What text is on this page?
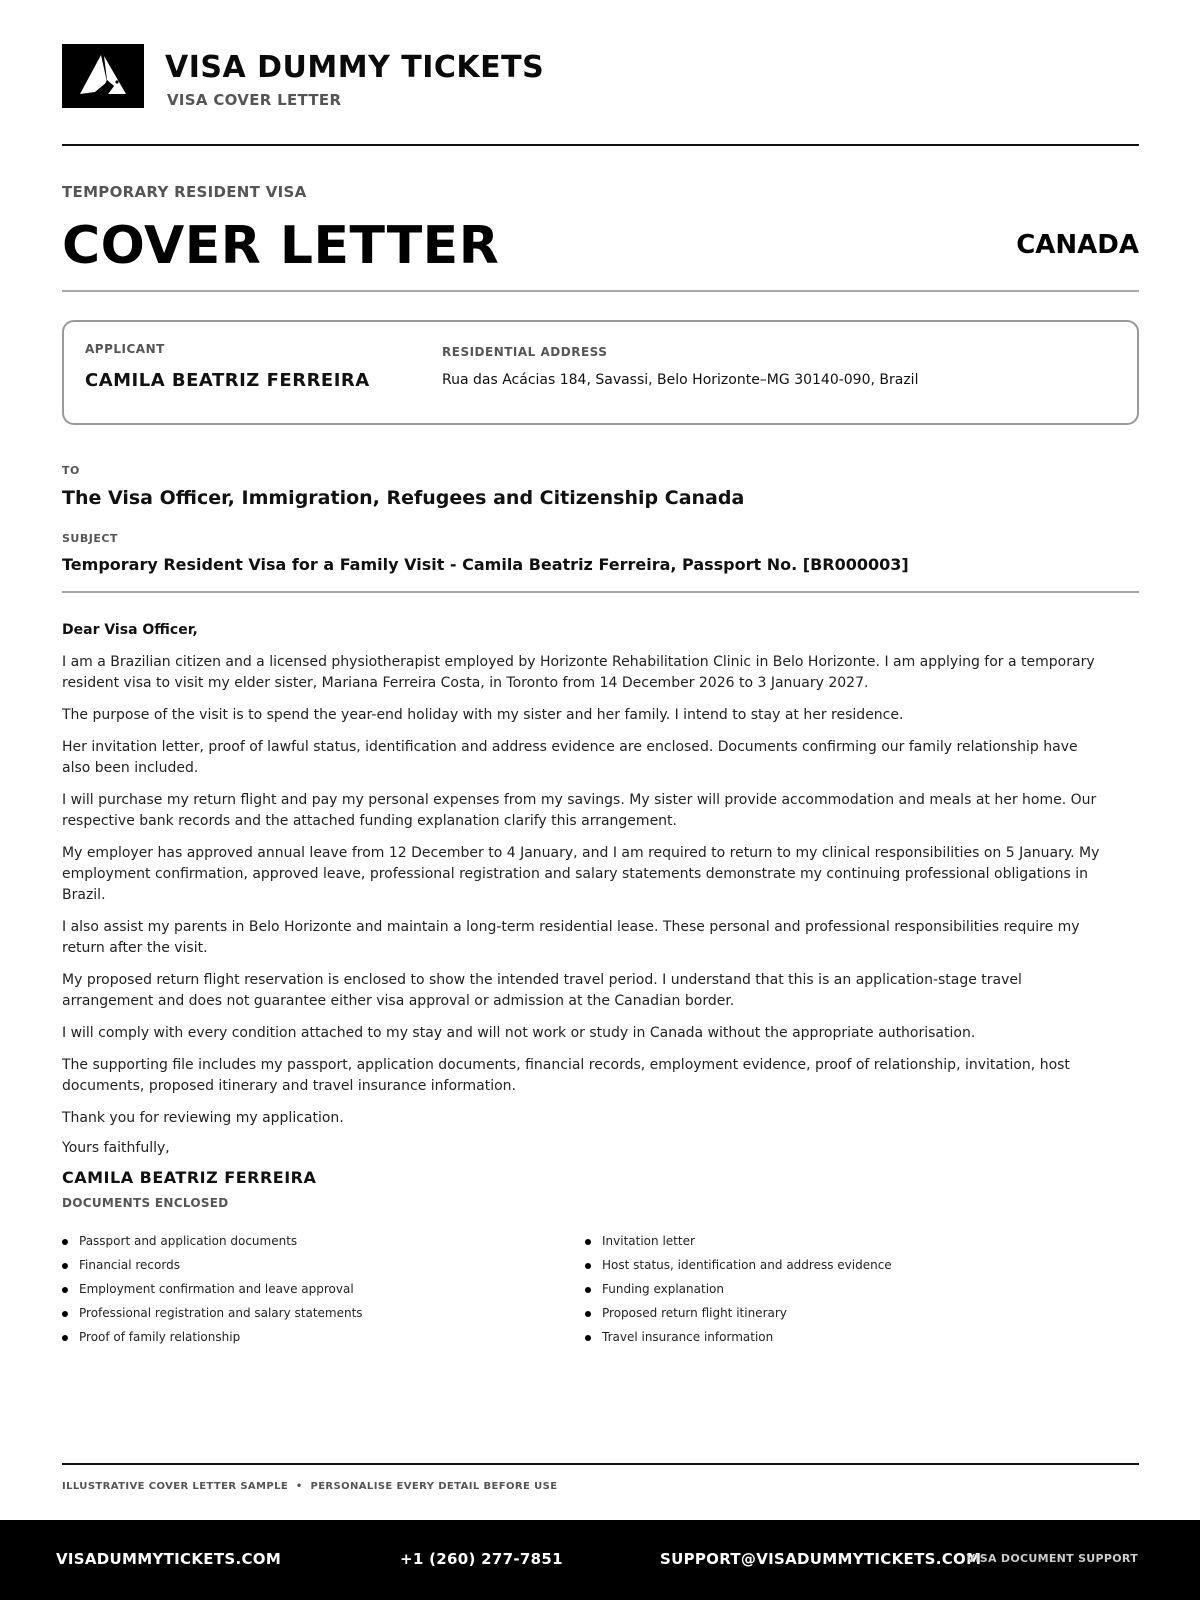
VISA DUMMY TICKETS
VISA COVER LETTER
TEMPORARY RESIDENT VISA
COVER LETTER	CANADA
APPLICANT
CAMILA BEATRIZ FERREIRA
RESIDENTIAL ADDRESS
Rua das Acácias 184, Savassi, Belo Horizonte–MG 30140-090, Brazil
TO
The Visa Officer, Immigration, Refugees and Citizenship Canada
SUBJECT
Temporary Resident Visa for a Family Visit - Camila Beatriz Ferreira, Passport No. [BR000003]
Dear Visa Officer,

I am a Brazilian citizen and a licensed physiotherapist employed by Horizonte Rehabilitation Clinic in Belo Horizonte. I am applying for a temporary resident visa to visit my elder sister, Mariana Ferreira Costa, in Toronto from 14 December 2026 to 3 January 2027.

The purpose of the visit is to spend the year-end holiday with my sister and her family. I intend to stay at her residence.

Her invitation letter, proof of lawful status, identification and address evidence are enclosed. Documents confirming our family relationship have also been included.

I will purchase my return flight and pay my personal expenses from my savings. My sister will provide accommodation and meals at her home. Our respective bank records and the attached funding explanation clarify this arrangement.

My employer has approved annual leave from 12 December to 4 January, and I am required to return to my clinical responsibilities on 5 January. My employment confirmation, approved leave, professional registration and salary statements demonstrate my continuing professional obligations in Brazil.

I also assist my parents in Belo Horizonte and maintain a long-term residential lease. These personal and professional responsibilities require my return after the visit.

My proposed return flight reservation is enclosed to show the intended travel period. I understand that this is an application-stage travel arrangement and does not guarantee either visa approval or admission at the Canadian border.

I will comply with every condition attached to my stay and will not work or study in Canada without the appropriate authorisation.

The supporting file includes my passport, application documents, financial records, employment evidence, proof of relationship, invitation, host documents, proposed itinerary and travel insurance information.

Thank you for reviewing my application.

Yours faithfully,
CAMILA BEATRIZ FERREIRA
DOCUMENTS ENCLOSED
Passport and application documents
Financial records
Employment confirmation and leave approval
Professional registration and salary statements
Proof of family relationship
Invitation letter
Host status, identification and address evidence
Funding explanation
Proposed return flight itinerary
Travel insurance information
ILLUSTRATIVE COVER LETTER SAMPLE  •  PERSONALISE EVERY DETAIL BEFORE USE
VISADUMMYTICKETS.COM	+1 (260) 277-7851	SUPPORT@VISADUMMYTICKETS.COM
VISA DOCUMENT SUPPORT
